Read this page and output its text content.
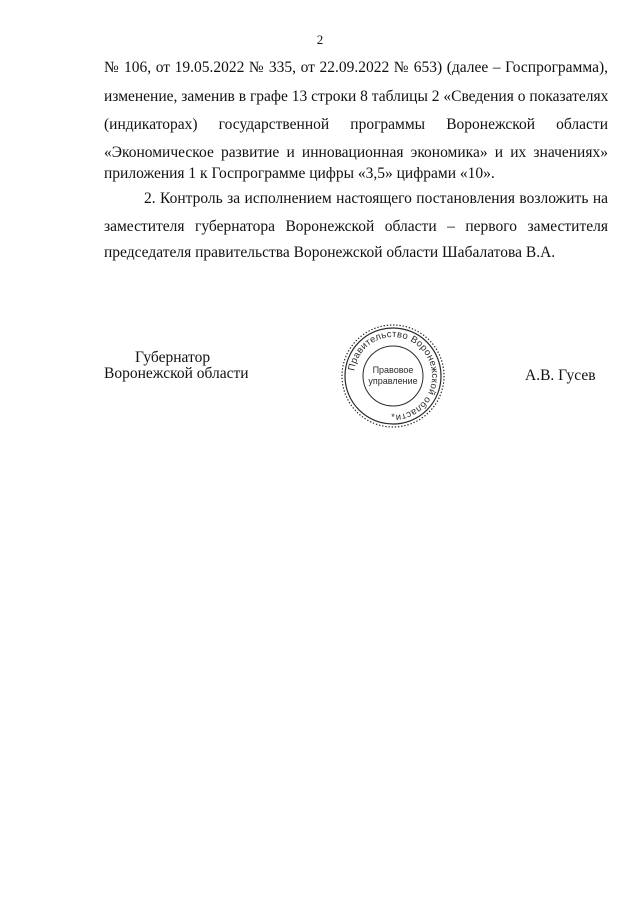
2
№ 106, от 19.05.2022 № 335, от 22.09.2022 № 653) (далее – Госпрограмма),
изменение, заменив в графе 13 строки 8 таблицы 2 «Сведения о показателях
(индикаторах) государственной программы Воронежской области
«Экономическое развитие и инновационная экономика» и их значениях»
приложения 1 к Госпрограмме цифры «3,5» цифрами «10».
2. Контроль за исполнением настоящего постановления возложить на
заместителя губернатора Воронежской области – первого заместителя
председателя правительства Воронежской области Шабалатова В.А.
Губернатор
Воронежской области	А.В. Гусев
Правительство Воронежской области
Правовое
управление
*
